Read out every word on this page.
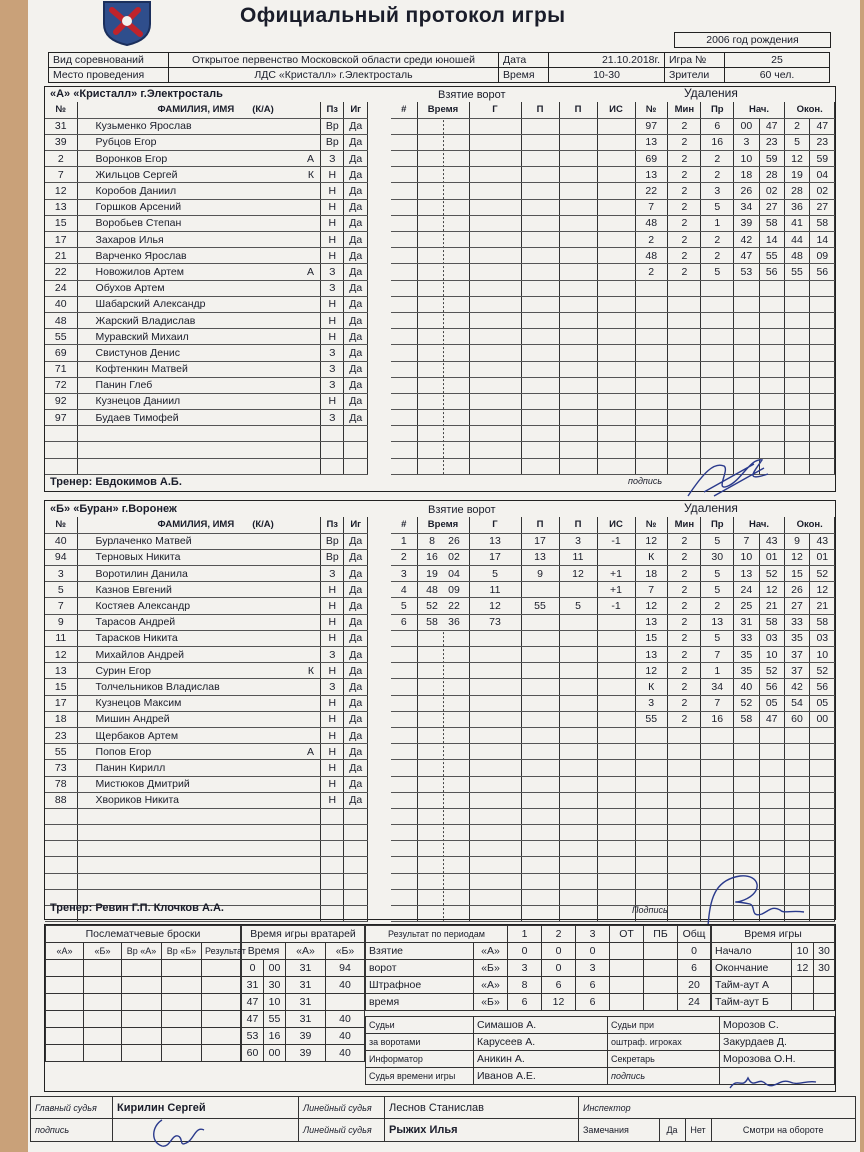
Официальный протокол игры
2006 год рождения
Вид соревнований	Открытое первенство Московской области среди юношей	Дата	21.10.2018г.	Игра №	25
Место проведения	ЛДС «Кристалл» г.Электросталь	Время	10-30	Зрители	60 чел.
«А» «Кристалл» г.Электросталь	Взятие ворот	Удаления
№	ФАМИЛИЯ, ИМЯ (К/А)	Пз	Иг
31	Кузьменко Ярослав	Вр	Да
39	Рубцов Егор	Вр	Да
2	Воронков Егор А	З	Да
7	Жильцов Сергей К	Н	Да
12	Коробов Даниил	Н	Да
13	Горшков Арсений	Н	Да
15	Воробьев Степан	Н	Да
17	Захаров Илья	Н	Да
21	Варченко Ярослав	Н	Да
22	Новожилов Артем А	З	Да
24	Обухов Артем	З	Да
40	Шабарский Александр	Н	Да
48	Жарский Владислав	Н	Да
55	Муравский Михаил	Н	Да
69	Свистунов Денис	З	Да
71	Кофтенкин Матвей	З	Да
72	Панин Глеб	З	Да
92	Кузнецов Даниил	Н	Да
97	Будаев Тимофей	З	Да

#	Время	Г	П	П	ИС

					№	Мин	Пр	Нач.		Окон.	
97	2	6	00	47	2	47
13	2	16	3	23	5	23
69	2	2	10	59	12	59
13	2	2	18	28	19	04
22	2	3	26	02	28	02
7	2	5	34	27	36	27
48	2	1	39	58	41	58
2	2	2	42	14	44	14
48	2	2	47	55	48	09
2	2	5	53	56	55	56

Тренер: Евдокимов А.Б.	подпись
«Б» «Буран» г.Воронеж	Взятие ворот	Удаления
№	ФАМИЛИЯ, ИМЯ (К/А)	Пз	Иг
40	Бурлаченко Матвей	Вр	Да
94	Терновых Никита	Вр	Да
3	Воротилин Данила	З	Да
5	Казнов Евгений	Н	Да
7	Костяев Александр	Н	Да
9	Тарасов Андрей	Н	Да
11	Тарасков Никита	Н	Да
12	Михайлов Андрей	З	Да
13	Сурин Егор К	Н	Да
15	Толчельников Владислав	З	Да
17	Кузнецов Максим	Н	Да
18	Мишин Андрей	Н	Да
23	Щербаков Артем	Н	Да
55	Попов Егор А	Н	Да
73	Панин Кирилл	Н	Да
78	Мистюков Дмитрий	Н	Да
88	Хвориков Никита	Н	Да

#	Время	Г	П	П	ИС
1	8 26	13	17	3	-1
2	16 02	17	13	11	
3	19 04	5	9	12	+1
4	48 09	11			+1
5	52 22	12	55	5	-1
6	58 36	73			

№	Мин	Пр	Нач.		Окон.	
12	2	5	7	43	9	43
К	2	30	10	01	12	01
18	2	5	13	52	15	52
7	2	5	24	12	26	12
12	2	2	25	21	27	21
13	2	13	31	58	33	58
15	2	5	33	03	35	03
13	2	7	35	10	37	10
12	2	1	35	52	37	52
К	2	34	40	56	42	56
3	2	7	52	05	54	05
55	2	16	58	47	60	00

Тренер: Ревин Г.П. Клочков А.А.	Подпись
Послематчевые броски				
«А»	«Б»	Вр «А»	Вр «Б»	Результат

Время игры вратарей			
Время		«А»	«Б»
0	00	31	94
31	30	31	40
47	10	31	
47	55	31	40
53	16	39	40
60	00	39	40
Результат по периодам		1	2	3	ОТ	ПБ	Общ
Взятие	«А»	0	0	0			0
ворот	«Б»	3	0	3			6
Штрафное	«А»	8	6	6			20
время	«Б»	6	12	6			24
Время игры		
Начало	10	30
Окончание	12	30
Тайм-аут А		
Тайм-аут Б		
Судьи	Симашов А.	Судьи при	Морозов С.
за воротами	Карусеев А.	оштраф. игроках	Закурдаев Д.
Информатор	Аникин А.	Секретарь	Морозова О.Н.
Судья времени игры	Иванов А.Е.	подпись	
Главный судья	Кирилин Сергей	Линейный судья	Леснов Станислав	Инспектор
подпись		Линейный судья	Рыжих Илья		Замечания	Да	Нет	Смотри на обороте
